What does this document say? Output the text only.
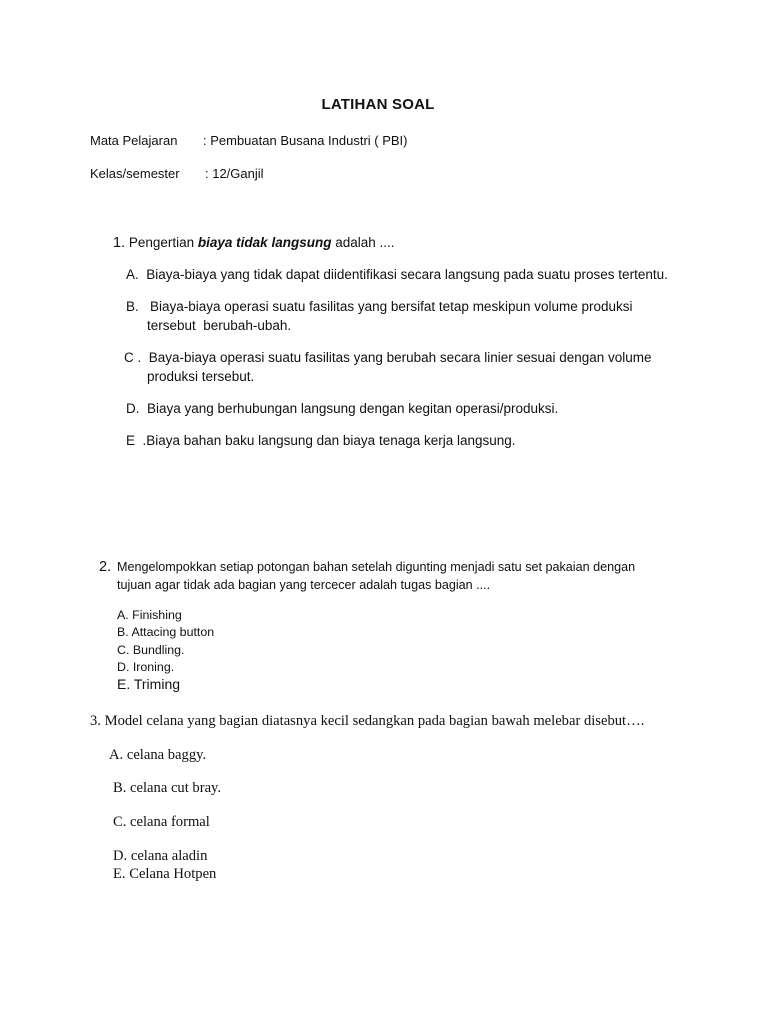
LATIHAN SOAL
Mata Pelajaran : Pembuatan Busana Industri ( PBI)
Kelas/semester : 12/Ganjil
1. Pengertian biaya tidak langsung adalah ....
A.  Biaya-biaya yang tidak dapat diidentifikasi secara langsung pada suatu proses tertentu.
B.   Biaya-biaya operasi suatu fasilitas yang bersifat tetap meskipun volume produksi
tersebut  berubah-ubah.
C .  Baya-biaya operasi suatu fasilitas yang berubah secara linier sesuai dengan volume
produksi tersebut.
D.  Biaya yang berhubungan langsung dengan kegitan operasi/produksi.
E  .Biaya bahan baku langsung dan biaya tenaga kerja langsung.
2. Mengelompokkan setiap potongan bahan setelah digunting menjadi satu set pakaian dengan
tujuan agar tidak ada bagian yang tercecer adalah tugas bagian ....
A. Finishing
B. Attacing button
C. Bundling.
D. Ironing.
E. Triming
3. Model celana yang bagian diatasnya kecil sedangkan pada bagian bawah melebar disebut….
A. celana baggy.
B. celana cut bray.
C. celana formal
D. celana aladin
E. Celana Hotpen
